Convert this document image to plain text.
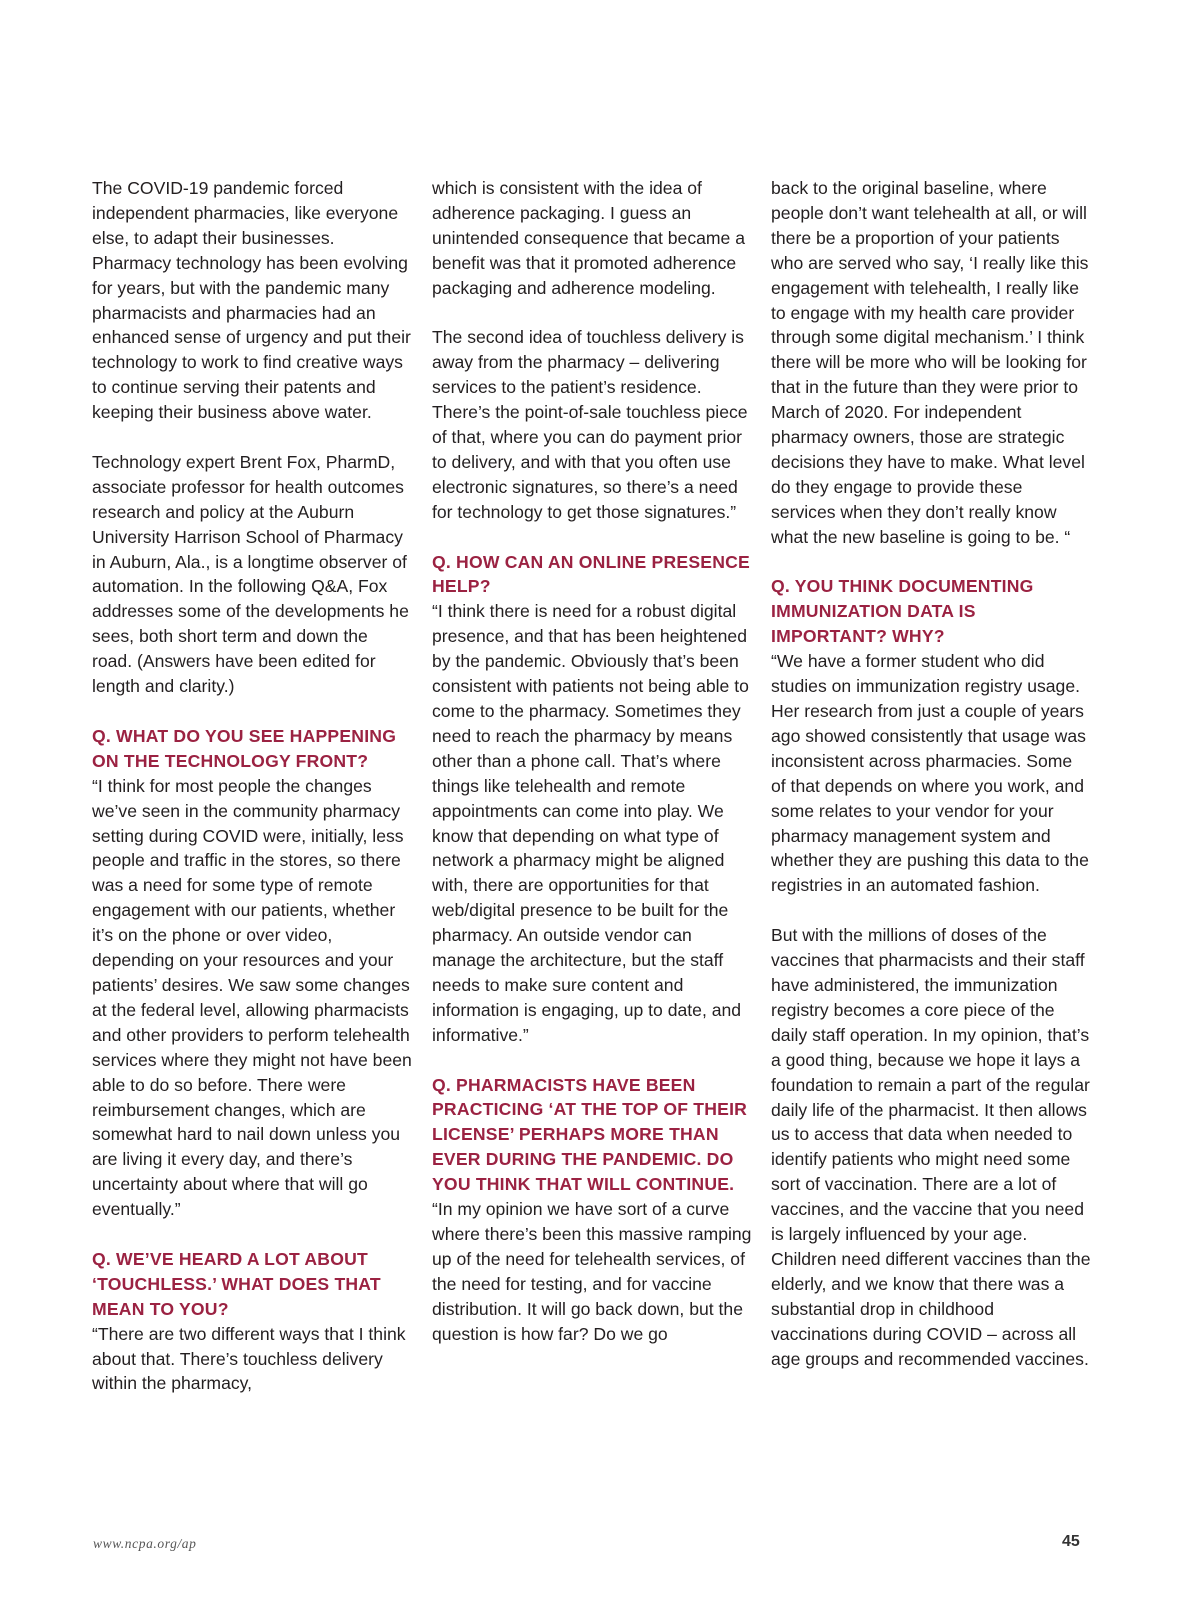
The COVID-19 pandemic forced independent pharmacies, like everyone else, to adapt their businesses. Pharmacy technology has been evolving for years, but with the pandemic many pharmacists and pharmacies had an enhanced sense of urgency and put their technology to work to find creative ways to continue serving their patents and keeping their business above water.

Technology expert Brent Fox, PharmD, associate professor for health outcomes research and policy at the Auburn University Harrison School of Pharmacy in Auburn, Ala., is a longtime observer of automation. In the following Q&A, Fox addresses some of the developments he sees, both short term and down the road. (Answers have been edited for length and clarity.)

Q. WHAT DO YOU SEE HAPPENING ON THE TECHNOLOGY FRONT?

“I think for most people the changes we’ve seen in the community pharmacy setting during COVID were, initially, less people and traffic in the stores, so there was a need for some type of remote engagement with our patients, whether it’s on the phone or over video, depending on your resources and your patients’ desires. We saw some changes at the federal level, allowing pharmacists and other providers to perform telehealth services where they might not have been able to do so before. There were reimbursement changes, which are somewhat hard to nail down unless you are living it every day, and there’s uncertainty about where that will go eventually.”

Q. WE’VE HEARD A LOT ABOUT ‘TOUCHLESS.’ WHAT DOES THAT MEAN TO YOU?

“There are two different ways that I think about that. There’s touchless delivery within the pharmacy,

which is consistent with the idea of adherence packaging. I guess an unintended consequence that became a benefit was that it promoted adherence packaging and adherence modeling.

The second idea of touchless delivery is away from the pharmacy – delivering services to the patient’s residence. There’s the point-of-sale touchless piece of that, where you can do payment prior to delivery, and with that you often use electronic signatures, so there’s a need for technology to get those signatures.”

Q. HOW CAN AN ONLINE PRESENCE HELP?

“I think there is need for a robust digital presence, and that has been heightened by the pandemic. Obviously that’s been consistent with patients not being able to come to the pharmacy. Sometimes they need to reach the pharmacy by means other than a phone call. That’s where things like telehealth and remote appointments can come into play. We know that depending on what type of network a pharmacy might be aligned with, there are opportunities for that web/digital presence to be built for the pharmacy. An outside vendor can manage the architecture, but the staff needs to make sure content and information is engaging, up to date, and informative.”

Q. PHARMACISTS HAVE BEEN PRACTICING ‘AT THE TOP OF THEIR LICENSE’ PERHAPS MORE THAN EVER DURING THE PANDEMIC. DO YOU THINK THAT WILL CONTINUE.

“In my opinion we have sort of a curve where there’s been this massive ramping up of the need for telehealth services, of the need for testing, and for vaccine distribution. It will go back down, but the question is how far? Do we go

back to the original baseline, where people don’t want telehealth at all, or will there be a proportion of your patients who are served who say, ‘I really like this engagement with telehealth, I really like to engage with my health care provider through some digital mechanism.’ I think there will be more who will be looking for that in the future than they were prior to March of 2020. For independent pharmacy owners, those are strategic decisions they have to make. What level do they engage to provide these services when they don’t really know what the new baseline is going to be. “

Q. YOU THINK DOCUMENTING IMMUNIZATION DATA IS IMPORTANT? WHY?

“We have a former student who did studies on immunization registry usage. Her research from just a couple of years ago showed consistently that usage was inconsistent across pharmacies. Some of that depends on where you work, and some relates to your vendor for your pharmacy management system and whether they are pushing this data to the registries in an automated fashion.

But with the millions of doses of the vaccines that pharmacists and their staff have administered, the immunization registry becomes a core piece of the daily staff operation. In my opinion, that’s a good thing, because we hope it lays a foundation to remain a part of the regular daily life of the pharmacist. It then allows us to access that data when needed to identify patients who might need some sort of vaccination. There are a lot of vaccines, and the vaccine that you need is largely influenced by your age. Children need different vaccines than the elderly, and we know that there was a substantial drop in childhood vaccinations during COVID – across all age groups and recommended vaccines.

www.ncpa.org/ap	45
